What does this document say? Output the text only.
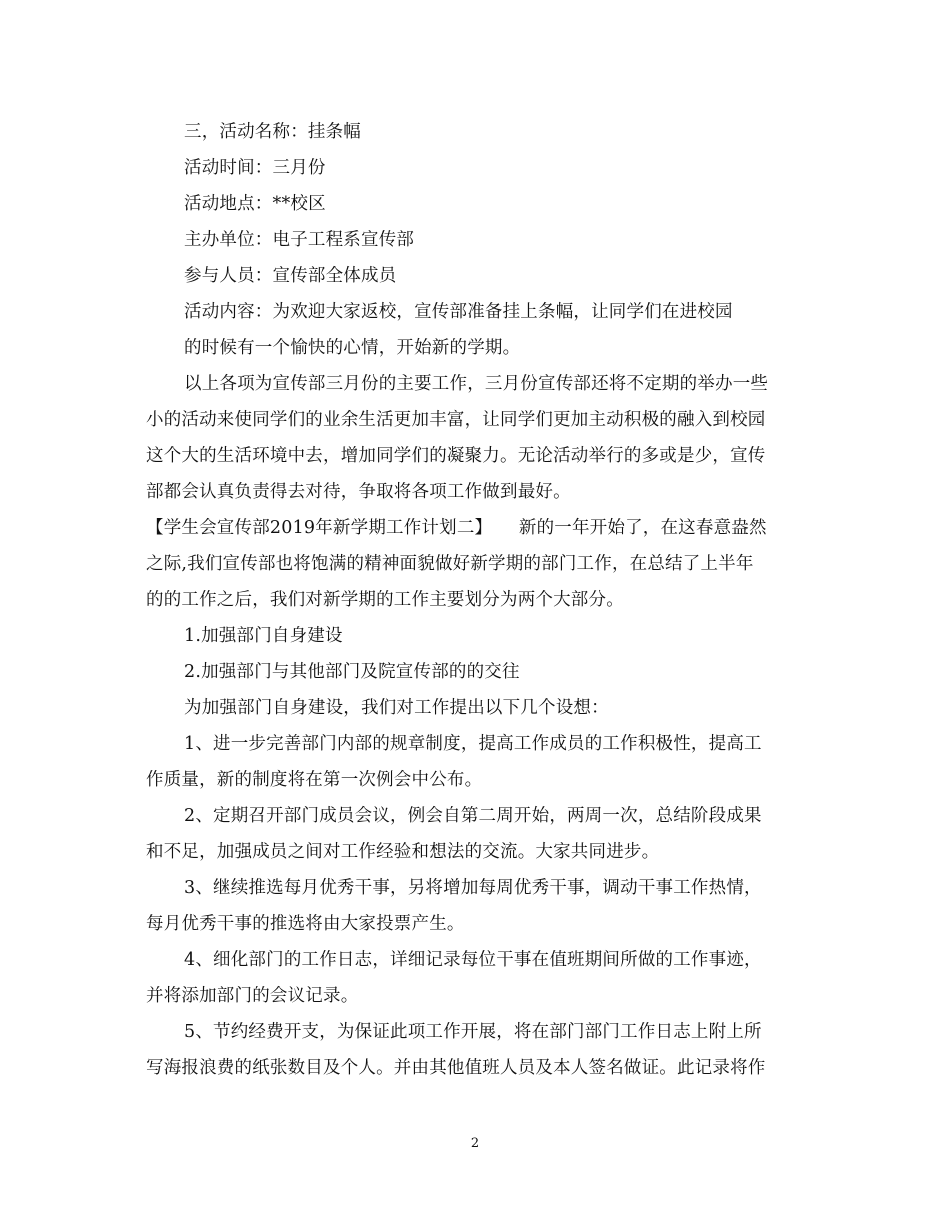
三，活动名称：挂条幅
活动时间：三月份
活动地点：**校区
主办单位：电子工程系宣传部
参与人员：宣传部全体成员
活动内容：为欢迎大家返校，宣传部准备挂上条幅，让同学们在进校园
的时候有一个愉快的心情，开始新的学期。
以上各项为宣传部三月份的主要工作，三月份宣传部还将不定期的举办一些
小的活动来使同学们的业余生活更加丰富，让同学们更加主动积极的融入到校园
这个大的生活环境中去，增加同学们的凝聚力。无论活动举行的多或是少，宣传
部都会认真负责得去对待，争取将各项工作做到最好。
【学生会宣传部2019年新学期工作计划二】　　新的一年开始了，在这春意盎然
之际,我们宣传部也将饱满的精神面貌做好新学期的部门工作，在总结了上半年
的的工作之后，我们对新学期的工作主要划分为两个大部分。
1.加强部门自身建设
2.加强部门与其他部门及院宣传部的的交往
为加强部门自身建设，我们对工作提出以下几个设想：
1、进一步完善部门内部的规章制度，提高工作成员的工作积极性，提高工
作质量，新的制度将在第一次例会中公布。
2、定期召开部门成员会议，例会自第二周开始，两周一次，总结阶段成果
和不足，加强成员之间对工作经验和想法的交流。大家共同进步。
3、继续推选每月优秀干事，另将增加每周优秀干事，调动干事工作热情，
每月优秀干事的推选将由大家投票产生。
4、细化部门的工作日志，详细记录每位干事在值班期间所做的工作事迹，
并将添加部门的会议记录。
5、节约经费开支，为保证此项工作开展，将在部门部门工作日志上附上所
写海报浪费的纸张数目及个人。并由其他值班人员及本人签名做证。此记录将作
2
